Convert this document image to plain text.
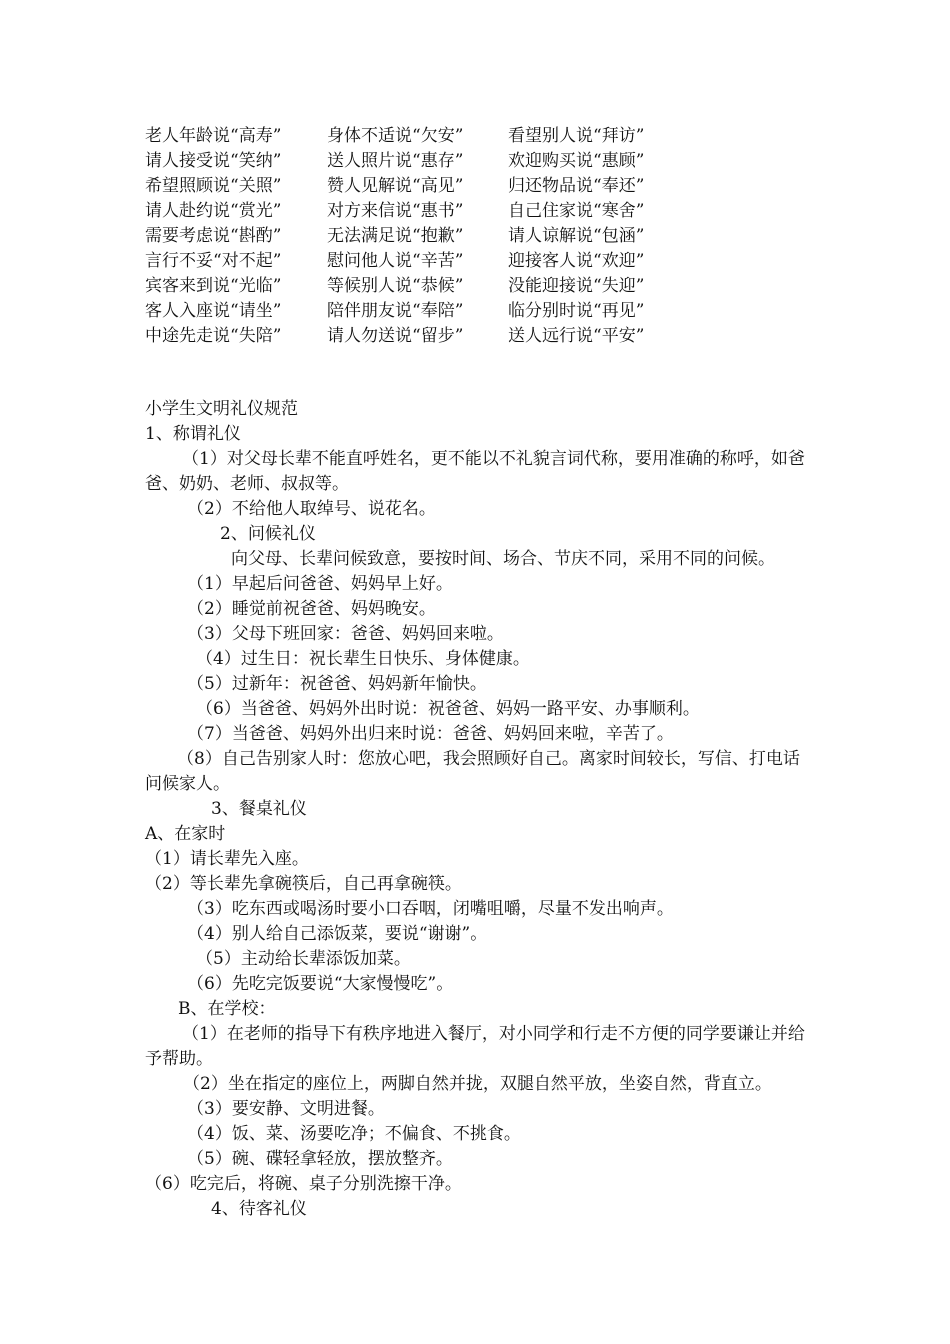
老人年龄说“高寿”	身体不适说“欠安”	看望别人说“拜访”
请人接受说“笑纳”	送人照片说“惠存”	欢迎购买说“惠顾”
希望照顾说“关照”	赞人见解说“高见”	归还物品说“奉还”
请人赴约说“赏光”	对方来信说“惠书”	自己住家说“寒舍”
需要考虑说“斟酌”	无法满足说“抱歉”	请人谅解说“包涵”
言行不妥“对不起”	慰问他人说“辛苦”	迎接客人说“欢迎”
宾客来到说“光临”	等候别人说“恭候”	没能迎接说“失迎”
客人入座说“请坐”	陪伴朋友说“奉陪”	临分别时说“再见”
中途先走说“失陪”	请人勿送说“留步”	送人远行说“平安”
小学生文明礼仪规范
1、称谓礼仪
（1）对父母长辈不能直呼姓名，更不能以不礼貌言词代称，要用准确的称呼，如爸爸、奶奶、老师、叔叔等。
（2）不给他人取绰号、说花名。
2、问候礼仪
向父母、长辈问候致意，要按时间、场合、节庆不同，采用不同的问候。
（1）早起后问爸爸、妈妈早上好。
（2）睡觉前祝爸爸、妈妈晚安。
（3）父母下班回家：爸爸、妈妈回来啦。
（4）过生日：祝长辈生日快乐、身体健康。
（5）过新年：祝爸爸、妈妈新年愉快。
（6）当爸爸、妈妈外出时说：祝爸爸、妈妈一路平安、办事顺利。
（7）当爸爸、妈妈外出归来时说：爸爸、妈妈回来啦，辛苦了。
（8）自己告别家人时：您放心吧，我会照顾好自己。离家时间较长，写信、打电话问候家人。
3、餐桌礼仪
A、在家时
（1）请长辈先入座。
（2）等长辈先拿碗筷后，自己再拿碗筷。
（3）吃东西或喝汤时要小口吞咽，闭嘴咀嚼，尽量不发出响声。
（4）别人给自己添饭菜，要说“谢谢”。
（5）主动给长辈添饭加菜。
（6）先吃完饭要说“大家慢慢吃”。
B、在学校：
（1）在老师的指导下有秩序地进入餐厅，对小同学和行走不方便的同学要谦让并给予帮助。
（2）坐在指定的座位上，两脚自然并拢，双腿自然平放，坐姿自然，背直立。
（3）要安静、文明进餐。
（4）饭、菜、汤要吃净；不偏食、不挑食。
（5）碗、碟轻拿轻放，摆放整齐。
（6）吃完后，将碗、桌子分别洗擦干净。
4、待客礼仪
